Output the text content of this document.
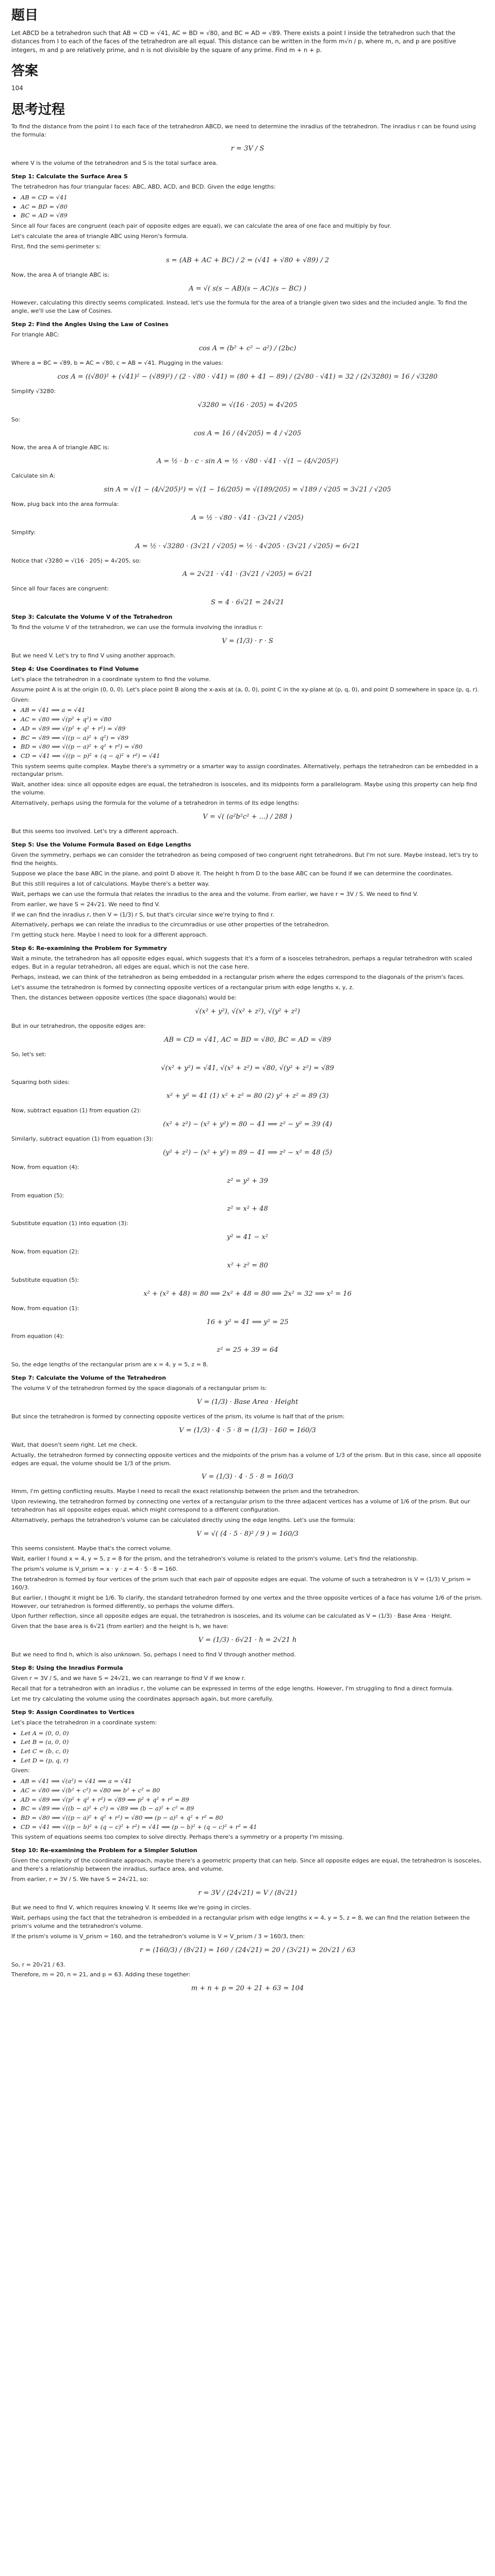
题目
Let ABCD be a tetrahedron such that AB = CD = √41, AC = BD = √80, and BC = AD = √89. There exists a point I inside the tetrahedron such that the distances from I to each of the faces of the tetrahedron are all equal. This distance can be written in the form m√n / p, where m, n, and p are positive integers, m and p are relatively prime, and n is not divisible by the square of any prime. Find m + n + p.
答案
104
思考过程
To find the distance from the point I to each face of the tetrahedron ABCD, we need to determine the inradius of the tetrahedron. The inradius r can be found using the formula:
r = 3V / S
where V is the volume of the tetrahedron and S is the total surface area.
Step 1: Calculate the Surface Area S
The tetrahedron has four triangular faces: ABC, ABD, ACD, and BCD. Given the edge lengths:
• AB = CD = √41
• AC = BD = √80
• BC = AD = √89
Since all four faces are congruent (each pair of opposite edges are equal), we can calculate the area of one face and multiply by four.
Let's calculate the area of triangle ABC using Heron's formula.
First, find the semi-perimeter s:
s = (AB + AC + BC) / 2 = (√41 + √80 + √89) / 2
Now, the area A of triangle ABC is:
A = √( s(s − AB)(s − AC)(s − BC) )
However, calculating this directly seems complicated. Instead, let's use the formula for the area of a triangle given two sides and the included angle. To find the angle, we'll use the Law of Cosines.
Step 2: Find the Angles Using the Law of Cosines
For triangle ABC:
cos A = (b² + c² − a²) / (2bc)
Where a = BC = √89, b = AC = √80, c = AB = √41. Plugging in the values:
cos A = ((√80)² + (√41)² − (√89)²) / (2 · √80 · √41) = (80 + 41 − 89) / (2√80 · √41) = 32 / (2√3280) = 16 / √3280
Simplify √3280:
√3280 = √(16 · 205) = 4√205
So:
cos A = 16 / (4√205) = 4 / √205
Now, the area A of triangle ABC is:
A = ½ · b · c · sin A = ½ · √80 · √41 · √(1 − (4/√205)²)
Calculate sin A:
sin A = √(1 − (4/√205)²) = √(1 − 16/205) = √(189/205) = √189 / √205 = 3√21 / √205
Now, plug back into the area formula:
A = ½ · √80 · √41 · (3√21 / √205)
Simplify:
A = ½ · √3280 · (3√21 / √205) = ½ · 4√205 · (3√21 / √205) = 6√21
Notice that √3280 = √(16 · 205) = 4√205, so:
A = 2√21 · √41 · (3√21 / √205) = 6√21
Since all four faces are congruent:
S = 4 · 6√21 = 24√21
Step 3: Calculate the Volume V of the Tetrahedron
To find the volume V of the tetrahedron, we can use the formula involving the inradius r:
V = (1/3) · r · S
But we need V. Let's try to find V using another approach.
Step 4: Use Coordinates to Find Volume
Let's place the tetrahedron in a coordinate system to find the volume.
Assume point A is at the origin (0, 0, 0). Let's place point B along the x-axis at (a, 0, 0), point C in the xy-plane at (p, q, 0), and point D somewhere in space (p, q, r).
Given:
• AB = √41 ⟹ a = √41
• AC = √80 ⟹ √(p² + q²) = √80
• AD = √89 ⟹ √(p² + q² + r²) = √89
• BC = √89 ⟹ √((p − a)² + q²) = √89
• BD = √80 ⟹ √((p − a)² + q² + r²) = √80
• CD = √41 ⟹ √((p − p)² + (q − q)² + r²) = √41
This system seems quite complex. Maybe there's a symmetry or a smarter way to assign coordinates. Alternatively, perhaps the tetrahedron can be embedded in a rectangular prism.
Wait, another idea: since all opposite edges are equal, the tetrahedron is isosceles, and its midpoints form a parallelogram. Maybe using this property can help find the volume.
Alternatively, perhaps using the formula for the volume of a tetrahedron in terms of its edge lengths:
V = √( (a²b²c² + ...) / 288 )
But this seems too involved. Let's try a different approach.
Step 5: Use the Volume Formula Based on Edge Lengths
Given the symmetry, perhaps we can consider the tetrahedron as being composed of two congruent right tetrahedrons. But I'm not sure. Maybe instead, let's try to find the heights.
Suppose we place the base ABC in the plane, and point D above it. The height h from D to the base ABC can be found if we can determine the coordinates.
But this still requires a lot of calculations. Maybe there's a better way.
Wait, perhaps we can use the formula that relates the inradius to the area and the volume. From earlier, we have r = 3V / S. We need to find V.
From earlier, we have S = 24√21. We need to find V.
If we can find the inradius r, then V = (1/3) r S, but that's circular since we're trying to find r.
Alternatively, perhaps we can relate the inradius to the circumradius or use other properties of the tetrahedron.
I'm getting stuck here. Maybe I need to look for a different approach.
Step 6: Re-examining the Problem for Symmetry
Wait a minute, the tetrahedron has all opposite edges equal, which suggests that it's a form of a isosceles tetrahedron, perhaps a regular tetrahedron with scaled edges. But in a regular tetrahedron, all edges are equal, which is not the case here.
Perhaps, instead, we can think of the tetrahedron as being embedded in a rectangular prism where the edges correspond to the diagonals of the prism's faces.
Let's assume the tetrahedron is formed by connecting opposite vertices of a rectangular prism with edge lengths x, y, z.
Then, the distances between opposite vertices (the space diagonals) would be:
√(x² + y²), √(x² + z²), √(y² + z²)
But in our tetrahedron, the opposite edges are:
AB = CD = √41, AC = BD = √80, BC = AD = √89
So, let's set:
√(x² + y²) = √41, √(x² + z²) = √80, √(y² + z²) = √89
Squaring both sides:
x² + y² = 41 (1) x² + z² = 80 (2) y² + z² = 89 (3)
Now, subtract equation (1) from equation (2):
(x² + z²) − (x² + y²) = 80 − 41 ⟹ z² − y² = 39 (4)
Similarly, subtract equation (1) from equation (3):
(y² + z²) − (x² + y²) = 89 − 41 ⟹ z² − x² = 48 (5)
Now, from equation (4):
z² = y² + 39
From equation (5):
z² = x² + 48
Substitute equation (1) into equation (3):
y² = 41 − x²
Now, from equation (2):
x² + z² = 80
Substitute equation (5):
x² + (x² + 48) = 80 ⟹ 2x² + 48 = 80 ⟹ 2x² = 32 ⟹ x² = 16
Now, from equation (1):
16 + y² = 41 ⟹ y² = 25
From equation (4):
z² = 25 + 39 = 64
So, the edge lengths of the rectangular prism are x = 4, y = 5, z = 8.
Step 7: Calculate the Volume of the Tetrahedron
The volume V of the tetrahedron formed by the space diagonals of a rectangular prism is:
V = (1/3) · Base Area · Height
But since the tetrahedron is formed by connecting opposite vertices of the prism, its volume is half that of the prism:
V = (1/3) · 4 · 5 · 8 = (1/3) · 160 = 160/3
Wait, that doesn't seem right. Let me check.
Actually, the tetrahedron formed by connecting opposite vertices and the midpoints of the prism has a volume of 1/3 of the prism. But in this case, since all opposite edges are equal, the volume should be 1/3 of the prism.
V = (1/3) · 4 · 5 · 8 = 160/3
Hmm, I'm getting conflicting results. Maybe I need to recall the exact relationship between the prism and the tetrahedron.
Upon reviewing, the tetrahedron formed by connecting one vertex of a rectangular prism to the three adjacent vertices has a volume of 1/6 of the prism. But our tetrahedron has all opposite edges equal, which might correspond to a different configuration.
Alternatively, perhaps the tetrahedron's volume can be calculated directly using the edge lengths. Let's use the formula:
V = √( (4 · 5 · 8)² / 9 ) = 160/3
This seems consistent. Maybe that's the correct volume.
Wait, earlier I found x = 4, y = 5, z = 8 for the prism, and the tetrahedron's volume is related to the prism's volume. Let's find the relationship.
The prism's volume is V_prism = x · y · z = 4 · 5 · 8 = 160.
The tetrahedron is formed by four vertices of the prism such that each pair of opposite edges are equal. The volume of such a tetrahedron is V = (1/3) V_prism = 160/3.
But earlier, I thought it might be 1/6. To clarify, the standard tetrahedron formed by one vertex and the three opposite vertices of a face has volume 1/6 of the prism. However, our tetrahedron is formed differently, so perhaps the volume differs.
Upon further reflection, since all opposite edges are equal, the tetrahedron is isosceles, and its volume can be calculated as V = (1/3) · Base Area · Height.
Given that the base area is 6√21 (from earlier) and the height is h, we have:
V = (1/3) · 6√21 · h = 2√21 h
But we need to find h, which is also unknown. So, perhaps I need to find V through another method.
Step 8: Using the Inradius Formula
Given r = 3V / S, and we have S = 24√21, we can rearrange to find V if we know r.
Recall that for a tetrahedron with an inradius r, the volume can be expressed in terms of the edge lengths. However, I'm struggling to find a direct formula.
Let me try calculating the volume using the coordinates approach again, but more carefully.
Step 9: Assign Coordinates to Vertices
Let's place the tetrahedron in a coordinate system:
• Let A = (0, 0, 0)
• Let B = (a, 0, 0)
• Let C = (b, c, 0)
• Let D = (p, q, r)
Given:
• AB = √41 ⟹ √(a²) = √41 ⟹ a = √41
• AC = √80 ⟹ √(b² + c²) = √80 ⟹ b² + c² = 80
• AD = √89 ⟹ √(p² + q² + r²) = √89 ⟹ p² + q² + r² = 89
• BC = √89 ⟹ √((b − a)² + c²) = √89 ⟹ (b − a)² + c² = 89
• BD = √80 ⟹ √((p − a)² + q² + r²) = √80 ⟹ (p − a)² + q² + r² = 80
• CD = √41 ⟹ √((p − b)² + (q − c)² + r²) = √41 ⟹ (p − b)² + (q − c)² + r² = 41
This system of equations seems too complex to solve directly. Perhaps there's a symmetry or a property I'm missing.
Step 10: Re-examining the Problem for a Simpler Solution
Given the complexity of the coordinate approach, maybe there's a geometric property that can help. Since all opposite edges are equal, the tetrahedron is isosceles, and there's a relationship between the inradius, surface area, and volume.
From earlier, r = 3V / S. We have S = 24√21, so:
r = 3V / (24√21) = V / (8√21)
But we need to find V, which requires knowing V. It seems like we're going in circles.
Wait, perhaps using the fact that the tetrahedron is embedded in a rectangular prism with edge lengths x = 4, y = 5, z = 8, we can find the relation between the prism's volume and the tetrahedron's volume.
If the prism's volume is V_prism = 160, and the tetrahedron's volume is V = V_prism / 3 = 160/3, then:
r = (160/3) / (8√21) = 160 / (24√21) = 20 / (3√21) = 20√21 / 63
So, r = 20√21 / 63.
Therefore, m = 20, n = 21, and p = 63. Adding these together:
m + n + p = 20 + 21 + 63 = 104
